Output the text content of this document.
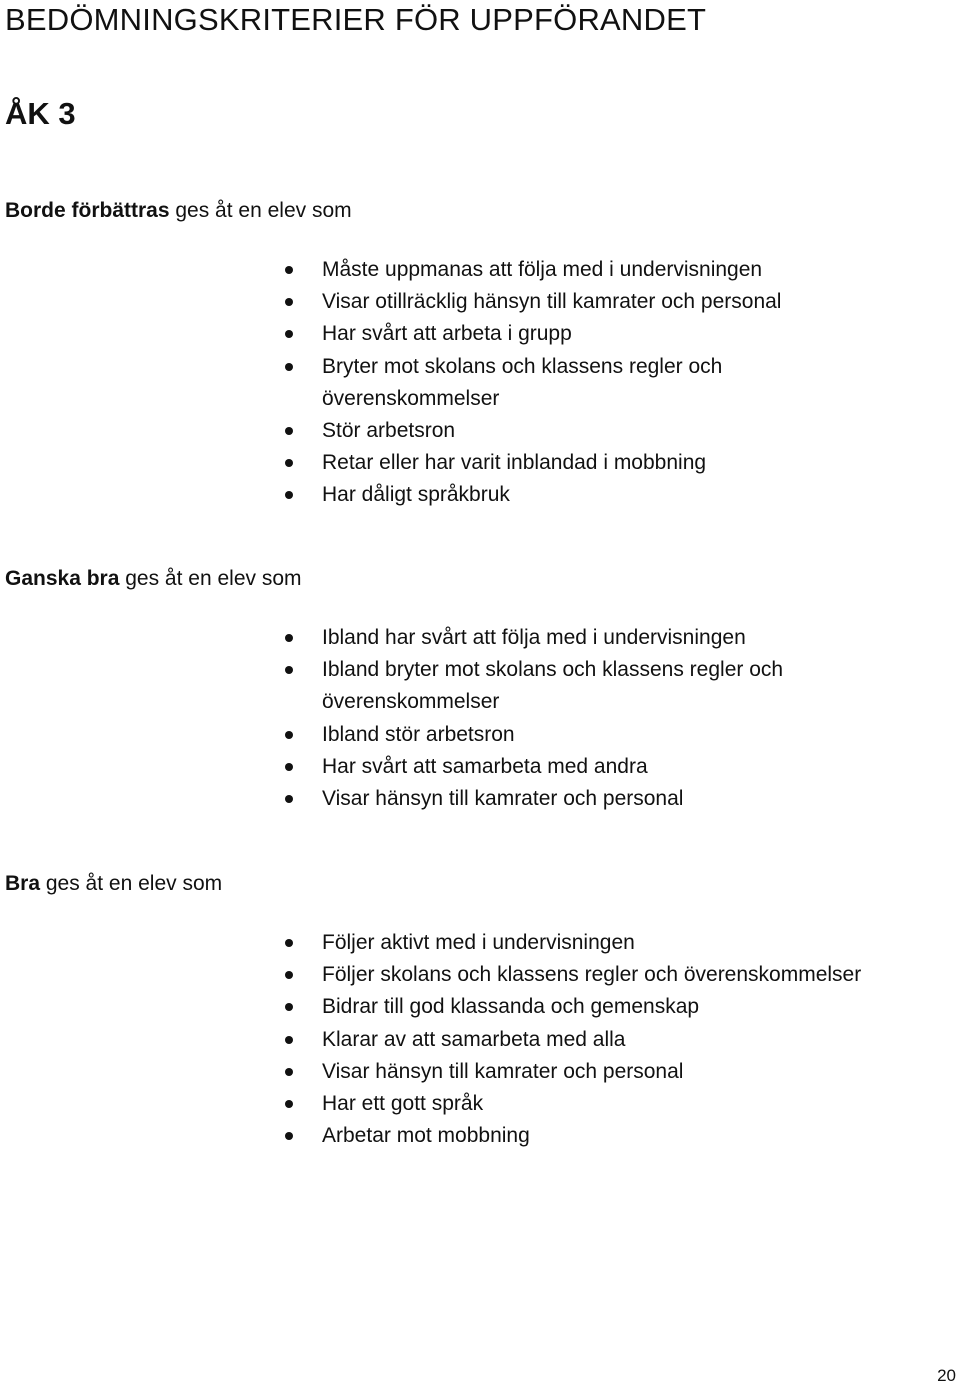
BEDÖMNINGSKRITERIER FÖR UPPFÖRANDET
ÅK 3

Borde förbättras ges åt en elev som

Måste uppmanas att följa med i undervisningen
Visar otillräcklig hänsyn till kamrater och personal
Har svårt att arbeta i grupp
Bryter mot skolans och klassens regler och överenskommelser
Stör arbetsron
Retar eller har varit inblandad i mobbning
Har dåligt språkbruk

Ganska bra ges åt en elev som

Ibland har svårt att följa med i undervisningen
Ibland bryter mot skolans och klassens regler och överenskommelser
Ibland stör arbetsron
Har svårt att samarbeta med andra
Visar hänsyn till kamrater och personal

Bra ges åt en elev som

Följer aktivt med i undervisningen
Följer skolans och klassens regler och överenskommelser
Bidrar till god klassanda och gemenskap
Klarar av att samarbeta med alla
Visar hänsyn till kamrater och personal
Har ett gott språk
Arbetar mot mobbning
20
